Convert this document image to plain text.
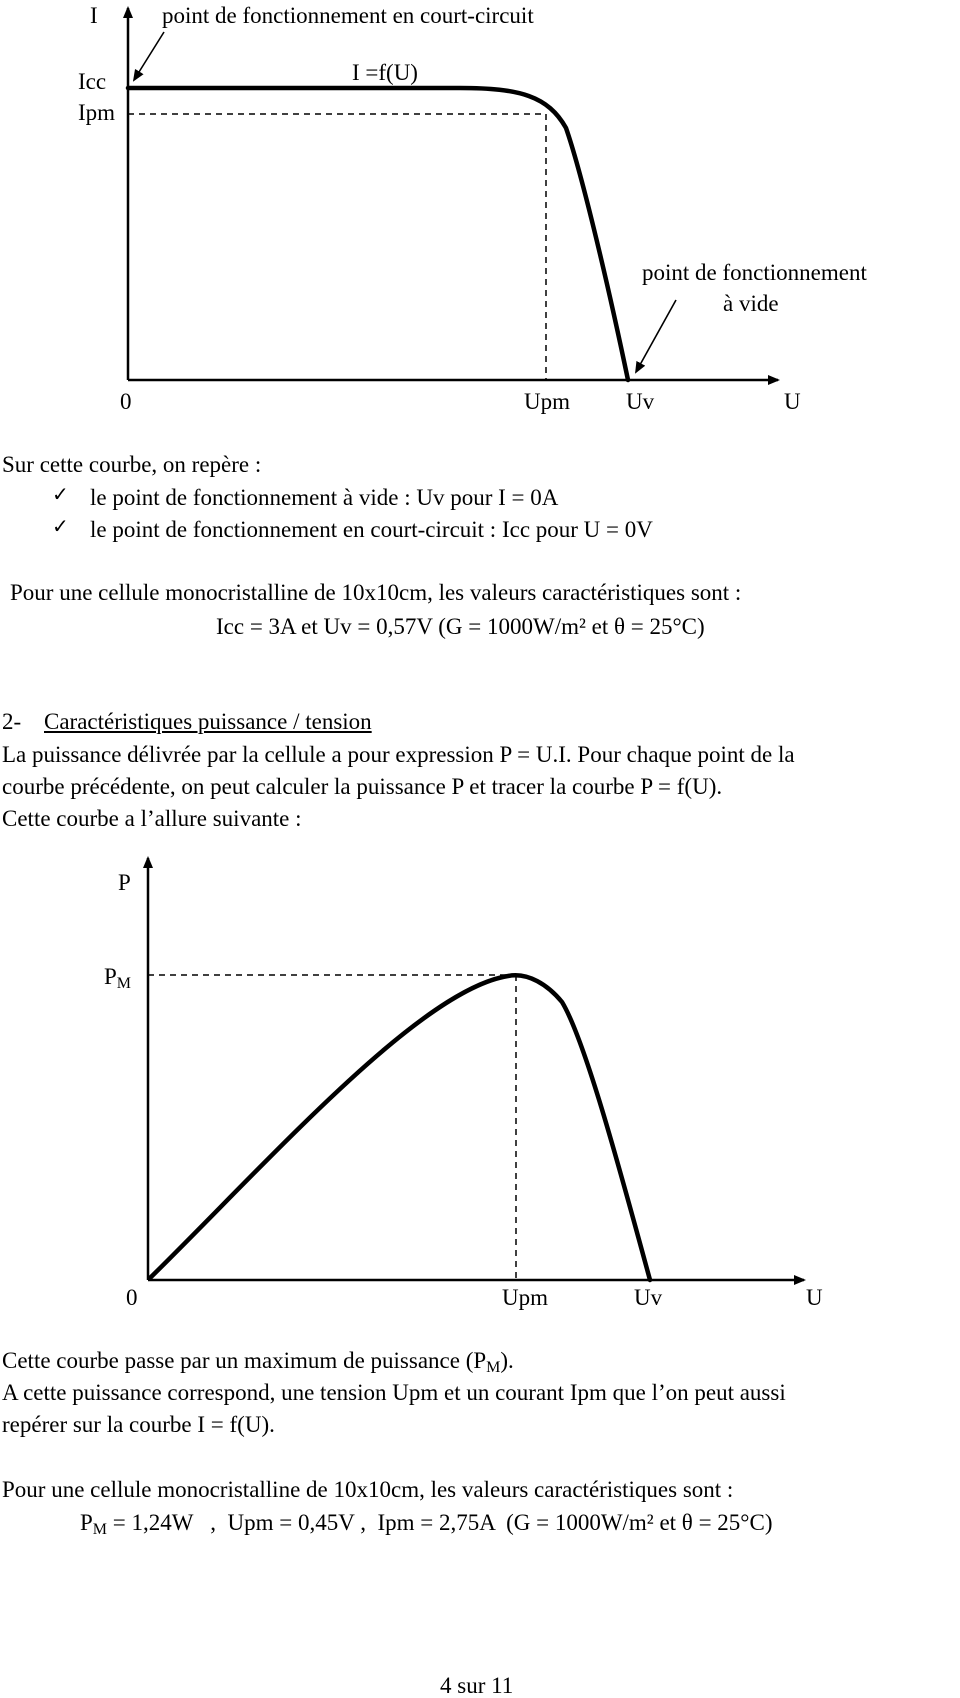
I	point de fonctionnement en court-circuit
I =f(U)
Icc
Ipm
point de fonctionnement
à vide
0	Upm Uv	U
Sur cette courbe, on repère :
✓ le point de fonctionnement à vide : Uv pour I = 0A
✓ le point de fonctionnement en court-circuit : Icc pour U = 0V
Pour une cellule monocristalline de 10x10cm, les valeurs caractéristiques sont :
Icc = 3A et Uv = 0,57V (G = 1000W/m² et θ = 25°C)
2- Caractéristiques puissance / tension
La puissance délivrée par la cellule a pour expression P = U.I. Pour chaque point de la
courbe précédente, on peut calculer la puissance P et tracer la courbe P = f(U).
Cette courbe a l’allure suivante :
P
$P_M$
0	Upm	Uv	U
Cette courbe passe par un maximum de puissance $(P_M)$.
A cette puissance correspond, une tension Upm et un courant Ipm que l’on peut aussi
repérer sur la courbe I = f(U).
Pour une cellule monocristalline de 10x10cm, les valeurs caractéristiques sont :
$P_M = 1,24W$   ,  Upm = 0,45V ,  Ipm = 2,75A  (G = 1000W/m² et θ = 25°C)
4 sur 11
